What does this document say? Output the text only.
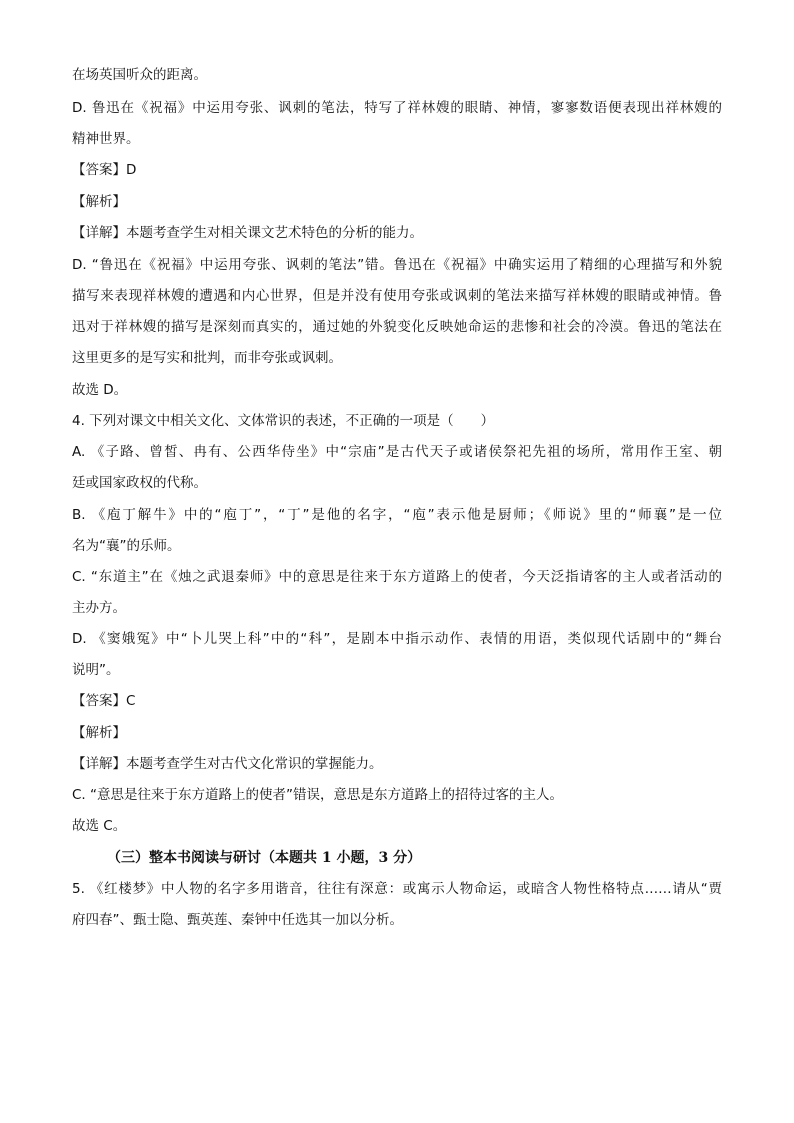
在场英国听众的距离。
D. 鲁迅在《祝福》中运用夸张、讽刺的笔法，特写了祥林嫂的眼睛、神情，寥寥数语便表现出祥林嫂的
精神世界。
【答案】D
【解析】
【详解】本题考查学生对相关课文艺术特色的分析的能力。
D. “鲁迅在《祝福》中运用夸张、讽刺的笔法”错。鲁迅在《祝福》中确实运用了精细的心理描写和外貌
描写来表现祥林嫂的遭遇和内心世界，但是并没有使用夸张或讽刺的笔法来描写祥林嫂的眼睛或神情。鲁
迅对于祥林嫂的描写是深刻而真实的，通过她的外貌变化反映她命运的悲惨和社会的冷漠。鲁迅的笔法在
这里更多的是写实和批判，而非夸张或讽刺。
故选 D。
4. 下列对课文中相关文化、文体常识的表述，不正确的一项是（　　）
A. 《子路、曾皙、冉有、公西华侍坐》中“宗庙”是古代天子或诸侯祭祀先祖的场所，常用作王室、朝
廷或国家政权的代称。
B. 《庖丁解牛》中的“庖丁”，“丁”是他的名字，“庖”表示他是厨师；《师说》里的“师襄”是一位
名为“襄”的乐师。
C. “东道主”在《烛之武退秦师》中的意思是往来于东方道路上的使者，今天泛指请客的主人或者活动的
主办方。
D. 《窦娥冤》中“卜儿哭上科”中的“科”，是剧本中指示动作、表情的用语，类似现代话剧中的“舞台
说明”。
【答案】C
【解析】
【详解】本题考查学生对古代文化常识的掌握能力。
C. “意思是往来于东方道路上的使者”错误，意思是东方道路上的招待过客的主人。
故选 C。
（三）整本书阅读与研讨（本题共 1 小题，3 分）
5. 《红楼梦》中人物的名字多用谐音，往往有深意：或寓示人物命运，或暗含人物性格特点……请从“贾
府四春”、甄士隐、甄英莲、秦钟中任选其一加以分析。
